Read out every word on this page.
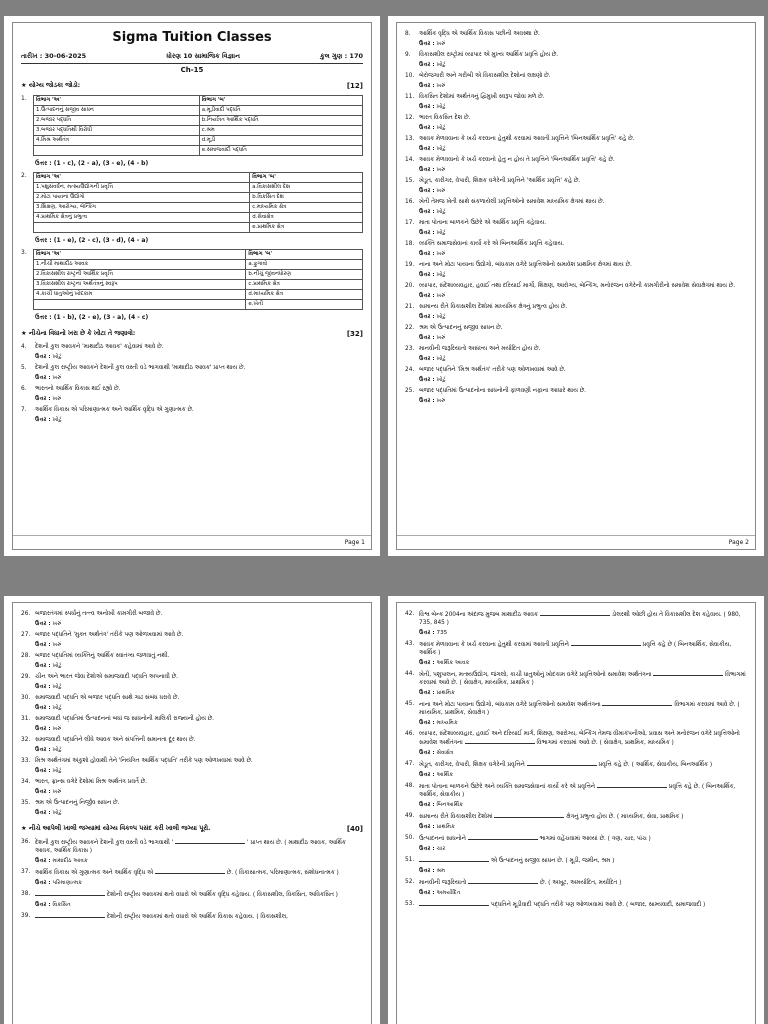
Sigma Tuition Classes
તારીખ : 30-06-2025	ધોરણ 10 સામાજિક વિજ્ઞાન	કુલ ગુણ : 170
Ch-15
★ યોગ્ય જોડકા જોડો:	[12]
1.	વિભાગ 'અ'	વિભાગ 'બ'
1.ઉત્પાદનનું સજીવ સાધન	a.મૂડીવાદી પદ્ધતિ
2.બજાર પદ્ધતિ	b.નિયંત્રિત આર્થિક પદ્ધતિ
3.બજાર પદ્ધતિથી વિરોધી	c.શ્રમ
4.મિશ્ર અર્થતંત્ર	d.મૂડી
	e.સમાજવાદી પદ્ધતિ
ઉત્તર : (1 - c), (2 - a), (3 - e), (4 - b)
2.	વિભાગ 'અ'	વિભાગ 'બ'
1.પશુસંવર્ધન, મત્સ્યઉદ્યોગની પ્રવૃત્તિ	a.વિકાસશીલ દેશ
2.મોટા પાયાના ઉદ્યોગો	b.વિકસિત દેશ
3.શિક્ષણ, આરોગ્ય, બેન્કિંગ	c.માધ્યમિક ક્ષેત્ર
4.પ્રાથમિક ક્ષેત્રનું પ્રભુત્વ	d.સેવાક્ષેત્ર
	e.પ્રાથમિક ક્ષેત્ર
ઉત્તર : (1 - e), (2 - c), (3 - d), (4 - a)
3.	વિભાગ 'અ'	વિભાગ 'બ'
1.નીચી માથાદીઠ આવક	a.ફુગાવો
2.વિકાસશીલ રાષ્ટ્રની આર્થિક પ્રવૃત્તિ	b.નીચું જીવનધોરણ
3.વિકાસશીલ રાષ્ટ્રના અર્થતંત્રનું સ્વરૂપ	c.પ્રાથમિક ક્ષેત્ર
4.કાચી ધાતુઓનું ખોદકામ	d.માધ્યમિક ક્ષેત્ર
	e.ખેતી
ઉત્તર : (1 - b), (2 - e), (3 - a), (4 - c)
★ નીચેના વિધાનો ખરા છે કે ખોટા તે જણાવો:	[32]
4.	દેશની કુલ આવકને 'માથાદીઠ આવક' કહેવામાં આવે છે.
ઉત્તર : ખોટું
5.	દેશની કુલ રાષ્ટ્રીય આવકને દેશની કુલ વસ્તી વડે ભાગવાથી 'માથાદીઠ આવક' પ્રાપ્ત થાય છે.
ઉત્તર : ખરું
6.	ભારતનો આર્થિક વિકાસ થઈ રહ્યો છે.
ઉત્તર : ખરું
7.	આર્થિક વિકાસ એ પરિમાણાત્મક અને આર્થિક વૃદ્ધિ એ ગુણાત્મક છે.
ઉત્તર : ખોટું
Page 1
8.	આર્થિક વૃદ્ધિ એ આર્થિક વિકાસ પછીની અવસ્થા છે.
ઉત્તર : ખરું
9.	વિકાસશીલ રાષ્ટ્રોમાં વ્યાપાર એ મુખ્ય આર્થિક પ્રવૃત્તિ હોય છે.
ઉત્તર : ખોટું
10. બેરોજગારી અને ગરીબી એ વિકાસશીલ દેશોનાં લક્ષણો છે.
ઉત્તર : ખરું
11. વિકસિત દેશોમાં અર્થતંત્રનું દ્વિમુખી સ્વરૂપ જોવા મળે છે.
ઉત્તર : ખોટું
12. ભારત વિકસિત દેશ છે.
ઉત્તર : ખોટું
13. આવક મેળવવાના કે ખર્ચ કરવાના હેતુથી કરવામાં આવતી પ્રવૃત્તિને 'બિનઆર્થિક પ્રવૃત્તિ' કહે છે.
ઉત્તર : ખોટું
14. આવક મેળવવાનો કે ખર્ચ કરવાનો હેતુ ન હોય તે પ્રવૃત્તિને 'બિનઆર્થિક પ્રવૃત્તિ' કહે છે.
ઉત્તર : ખરું
15. ખેડૂત, કારીગર, વેપારી, શિક્ષક વગેરેની પ્રવૃત્તિને 'આર્થિક પ્રવૃત્તિ' કહે છે.
ઉત્તર : ખરું
16. ખેતી તેમજ ખેતી સાથે સંકળાયેલી પ્રવૃત્તિઓનો સમાવેશ માધ્યમિક ક્ષેત્રમાં થાય છે.
ઉત્તર : ખોટું
17. માતા પોતાના બાળકને ઉછેરે એ આર્થિક પ્રવૃત્તિ કહેવાય.
ઉત્તર : ખોટું
18. વ્યક્તિ સમાજસેવાનાં કાર્યો કરે એ બિનઆર્થિક પ્રવૃત્તિ કહેવાય.
ઉત્તર : ખરું
19. નાના અને મોટા પાયાના ઉદ્યોગો, બાંધકામ વગેરે પ્રવૃત્તિઓનો સમાવેશ પ્રાથમિક ક્ષેત્રમાં થાય છે.
ઉત્તર : ખોટું
20. વ્યાપાર, સંદેશાવ્યવહાર, હવાઈ તથા દરિયાઈ માર્ગો, શિક્ષણ, આરોગ્ય, બેન્કિંગ, મનોરંજન વગેરેની કામગીરીનો સમાવેશ સેવાક્ષેત્રમાં થાય છે.
ઉત્તર : ખરું
21. સામાન્ય રીતે વિકાસશીલ દેશોમાં માધ્યમિક ક્ષેત્રનું પ્રભુત્વ હોય છે.
ઉત્તર : ખોટું
22. શ્રમ એ ઉત્પાદનનું સજીવ સાધન છે.
ઉત્તર : ખરું
23. માનવીની જરૂરિયાતો અસંખ્ય અને મર્યાદિત હોય છે.
ઉત્તર : ખોટું
24. બજાર પદ્ધતિને 'મિશ્ર અર્થતંત્ર' તરીકે પણ ઓળખવામાં આવે છે.
ઉત્તર : ખોટું
25. બજાર પદ્ધતિમાં ઉત્પાદનોના સાધનોની ફાળવણી નફાના આધારે થાય છે.
ઉત્તર : ખરું
Page 2
26. બજારતંત્રમાં સ્પર્ધાનું તત્ત્વ અનોખી કામગીરી બજાવે છે.
ઉત્તર : ખરું
27. બજાર પદ્ધતિને 'મુક્ત અર્થતંત્ર' તરીકે પણ ઓળખવામાં આવે છે.
ઉત્તર : ખરું
28. બજાર પદ્ધતિમાં વ્યક્તિનું આર્થિક સ્વાતંત્ર્ય જળવાતું નથી.
ઉત્તર : ખોટું
29. ચીન અને ભારત જેવા દેશોએ સમાજવાદી પદ્ધતિ અપનાવી છે.
ઉત્તર : ખોટું
30. સમાજવાદી પદ્ધતિ એ બજાર પદ્ધતિ સાથે ગાઢ સંબંધ ધરાવે છે.
ઉત્તર : ખોટું
31. સમાજવાદી પદ્ધતિમાં ઉત્પાદનનાં બધાં જ સાધનોની માલિકી રાજ્યની હોય છે.
ઉત્તર : ખરું
32. સમાજવાદી પદ્ધતિને લીધે આવક અને સંપત્તિની સમાનતા દૂર થાય છે.
ઉત્તર : ખોટું
33. મિશ્ર અર્થતંત્રમાં અંકુશો હોવાથી તેને 'નિયંત્રિત આર્થિક પદ્ધતિ' તરીકે પણ ઓળખવામાં આવે છે.
ઉત્તર : ખોટું
34. ભારત, ફ્રાન્સ વગેરે દેશોમાં મિશ્ર અર્થતંત્ર પ્રવર્તે છે.
ઉત્તર : ખરું
35. શ્રમ એ ઉત્પાદનનું નિર્જીવ સાધન છે.
ઉત્તર : ખોટું
★ નીચે આપેલી ખાલી જગ્યામાં યોગ્ય વિકલ્પ પસંદ કરી ખાલી જગ્યા પૂરો.	[40]
36. દેશની કુલ રાષ્ટ્રીય આવકને દેશની કુલ વસ્તી વડે ભાગવાથી '	' પ્રાપ્ત થાય છે. ( માથાદીઠ આવક, આર્થિક આવક, આર્થિક વિકાસ )
ઉત્તર : માથાદીઠ આવક
37. આર્થિક વિકાસ એ ગુણાત્મક અને આર્થિક વૃદ્ધિ એ	છે. ( વિકાસાત્મક, પરિમાણાત્મક, સંશોધનાત્મક )
ઉત્તર : પરિમાણાત્મક
38.	દેશોની રાષ્ટ્રીય આવકમાં થતો વધારો એ આર્થિક વૃદ્ધિ કહેવાય. ( વિકાસશીલ, વિકસિત, અવિકસિત )
ઉત્તર : વિકસિત
39.	દેશોની રાષ્ટ્રીય આવકમાં થતો વધારો એ આર્થિક વિકાસ કહેવાય. ( વિકાસશીલ,
42. વિશ્વ બેન્ક 2004ના અંદાજ મુજબ માથાદીઠ આવક	ડોલરથી ઓછી હોય તે વિકાસશીલ દેશ કહેવાય. ( 980, 735, 845 )
ઉત્તર : 735
43. આવક મેળવવાના કે ખર્ચ કરવાના હેતુથી કરવામાં આવતી પ્રવૃત્તિને	પ્રવૃત્તિ કહે છે ( બિનઆર્થિક, સેવાકીય, આર્થિક )
ઉત્તર : આર્થિક આવક
44. ખેતી, પશુપાલન, મત્સ્યઉદ્યોગ, જંગલો, કાચી ધાતુઓનું ખોદકામ વગેરે પ્રવૃત્તિઓનો સમાવેશ અર્થતંત્રના	વિભાગમાં કરવામાં આવે છે. ( સેવાક્ષેત્ર, માધ્યમિક, પ્રાથમિક )
ઉત્તર : પ્રાથમિક
45. નાના અને મોટા પાયાના ઉદ્યોગો, બાંધકામ વગેરે પ્રવૃત્તિઓનો સમાવેશ અર્થતંત્રના	વિભાગમાં કરવામાં આવે છે. ( માધ્યમિક, પ્રાથમિક, સેવાક્ષેત્ર )
ઉત્તર : માધ્યમિક
46. વ્યાપાર, સંદેશાવ્યવહાર, હવાઈ અને દરિયાઈ માર્ગ, શિક્ષણ, આરોગ્ય, બેન્કિંગ તેમજ વીમાકંપનીઓ, પ્રવાસ અને મનોરંજન વગેરે પ્રવૃત્તિઓનો સમાવેશ અર્થતંત્રના	વિભાગમાં કરવામાં આવે છે. ( સેવાક્ષેત્ર, પ્રાથમિક, માધ્યમિક )
ઉત્તર : સેવાક્ષેત્ર
47. ખેડૂત, કારીગર, વેપારી, શિક્ષક વગેરેની પ્રવૃત્તિને	પ્રવૃત્તિ કહે છે. ( આર્થિક, સેવાકીય, બિનઆર્થિક )
ઉત્તર : આર્થિક
48. માતા પોતાના બાળકને ઉછેરે અને વ્યક્તિ સમાજસેવાનાં કાર્યો કરે એ પ્રવૃત્તિને	પ્રવૃત્તિ કહે છે. ( બિનઆર્થિક, આર્થિક, સેવાકીય )
ઉત્તર : બિનઆર્થિક
49. સામાન્ય રીતે વિકાસશીલ દેશોમાં	ક્ષેત્રનું પ્રભુત્વ હોય છે. ( માધ્યમિક, સેવા, પ્રાથમિક )
ઉત્તર : પ્રાથમિક
50. ઉત્પાદનનાં સાધનોને	ભાગમાં વહેંચવામાં આવ્યાં છે. ( ત્રણ, ચાર, પાંચ )
ઉત્તર : ચાર
51.	એ ઉત્પાદનનું સજીવ સાધન છે. ( મૂડી, જમીન, શ્રમ )
ઉત્તર : શ્રમ
52. માનવીની જરૂરિયાતો	છે. ( અખૂટ, અમર્યાદિત, મર્યાદિત )
ઉત્તર : અમર્યાદિત
53.	પદ્ધતિને મૂડીવાદી પદ્ધતિ તરીકે પણ ઓળખવામાં આવે છે. ( બજાર, સામ્યવાદી, સમાજવાદી )
